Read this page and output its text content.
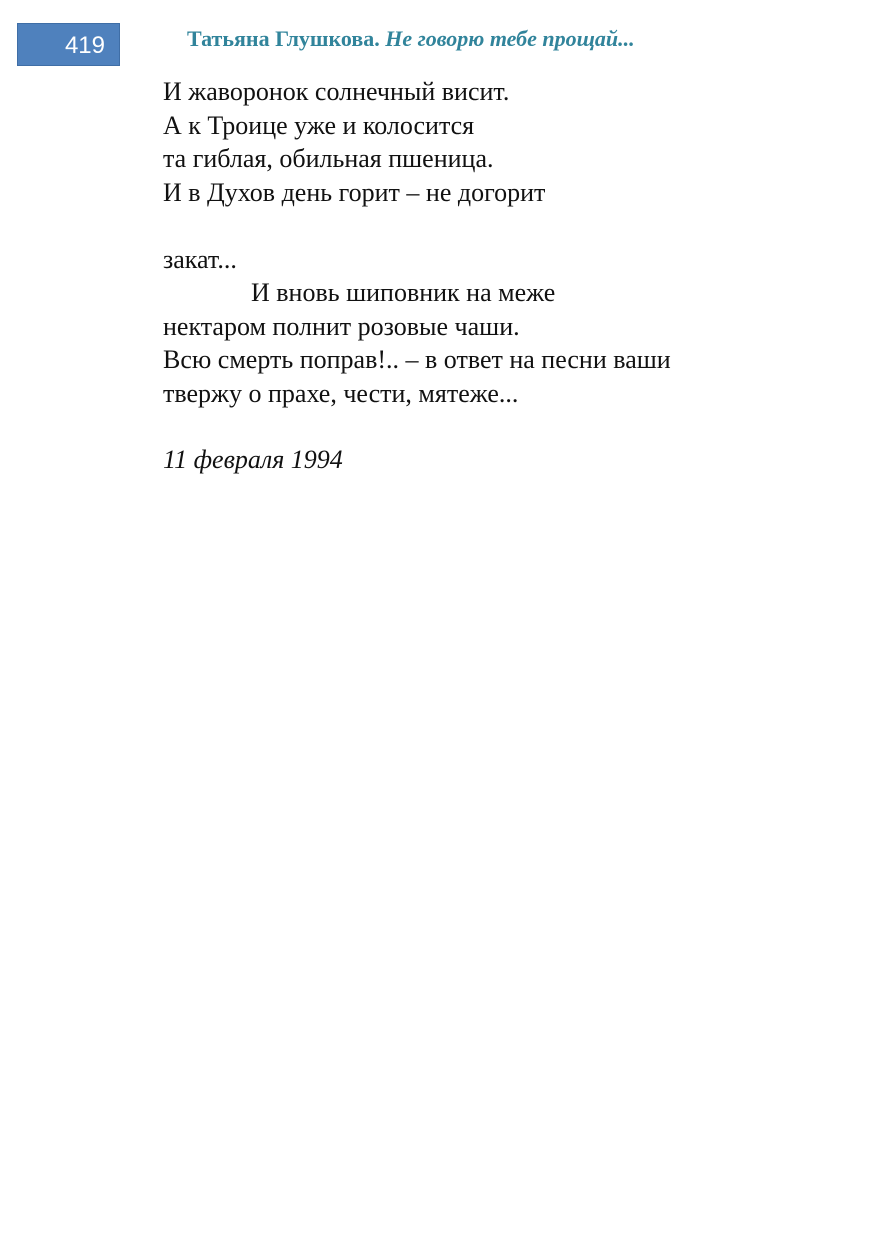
419	Татьяна Глушкова. Не говорю тебе прощай...
И жаворонок солнечный висит.
А к Троице уже и колосится
та гиблая, обильная пшеница.
И в Духов день горит – не догорит
закат...
И вновь шиповник на меже
нектаром полнит розовые чаши.
Всю смерть поправ!.. – в ответ на песни ваши
твержу о прахе, чести, мятеже...
11 февраля 1994
